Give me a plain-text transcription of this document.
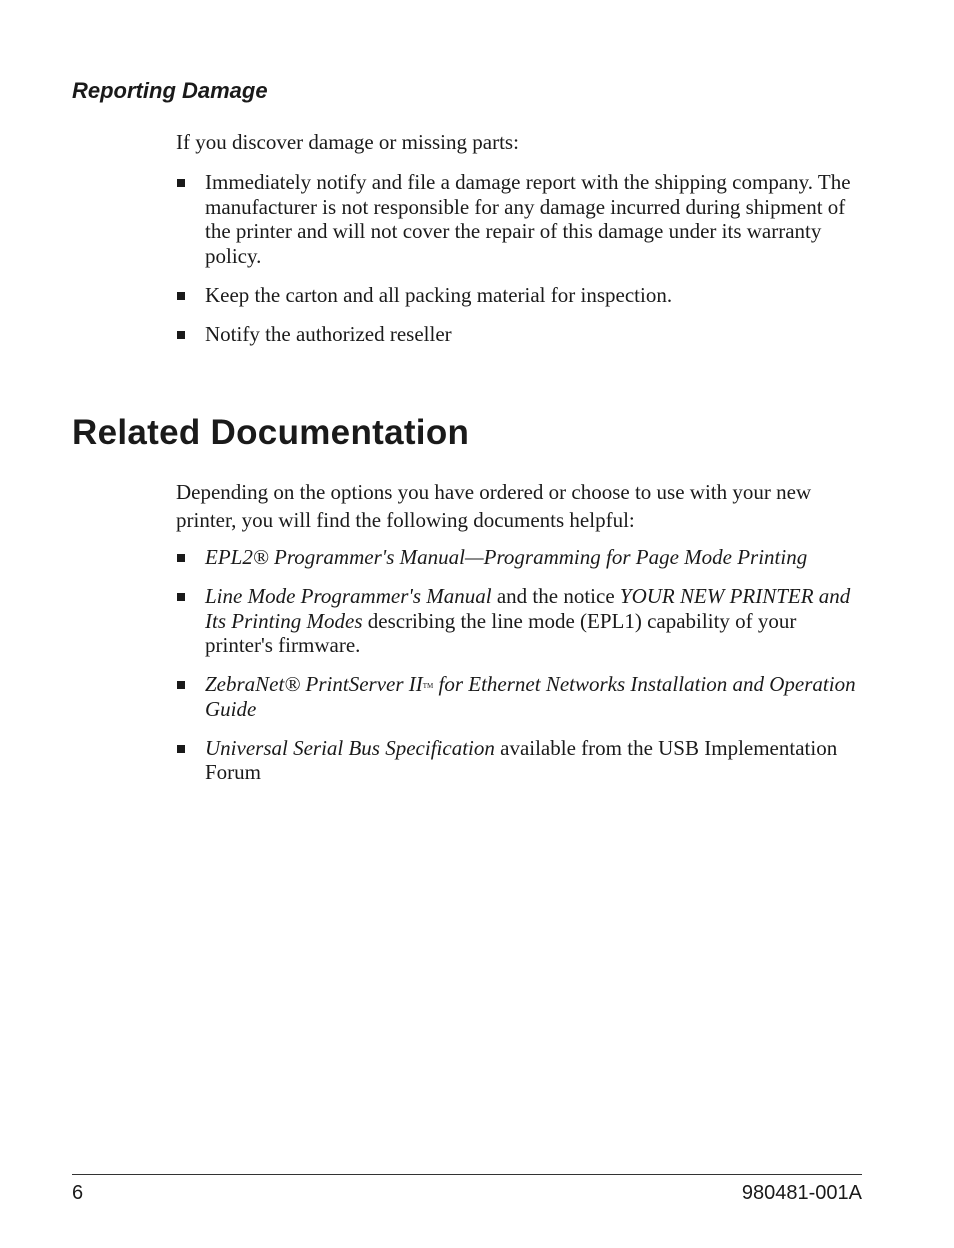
Reporting Damage

If you discover damage or missing parts:

Immediately notify and file a damage report with the shipping company. The manufacturer is not responsible for any damage incurred during shipment of the printer and will not cover the repair of this damage under its warranty policy.
Keep the carton and all packing material for inspection.
Notify the authorized reseller
Related Documentation

Depending on the options you have ordered or choose to use with your new printer, you will find the following documents helpful:

EPL2® Programmer's Manual—Programming for Page Mode Printing
Line Mode Programmer's Manual and the notice YOUR NEW PRINTER and Its Printing Modes describing the line mode (EPL1) capability of your printer's firmware.
ZebraNet® PrintServer II™ for Ethernet Networks Installation and Operation Guide
Universal Serial Bus Specification available from the USB Implementation Forum

6	980481-001A
